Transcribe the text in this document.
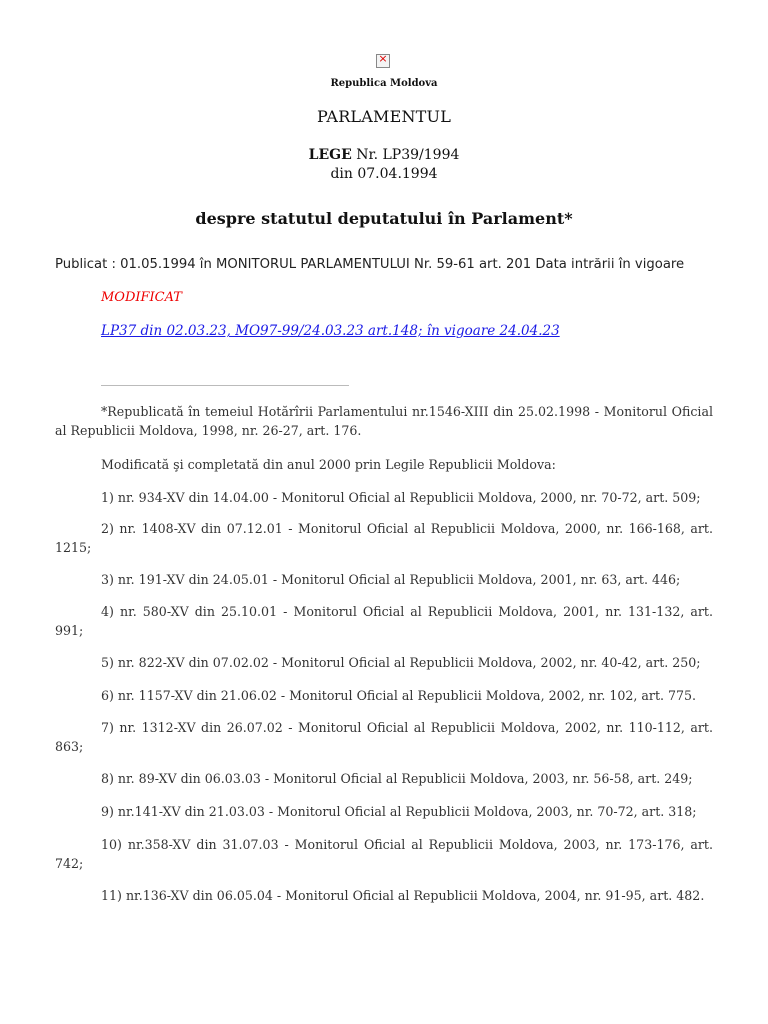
×
Republica Moldova
PARLAMENTUL
LEGE Nr. LP39/1994
din 07.04.1994
despre statutul deputatului în Parlament*
Publicat : 01.05.1994 în MONITORUL PARLAMENTULUI Nr. 59-61 art. 201 Data intrării în vigoare
MODIFICAT
LP37 din 02.03.23, MO97-99/24.03.23 art.148; în vigoare 24.04.23
*Republicată în temeiul Hotărîrii Parlamentului nr.1546-XIII din 25.02.1998 - Monitorul Oficial al Republicii Moldova, 1998, nr. 26-27, art. 176.
Modificată şi completată din anul 2000 prin Legile Republicii Moldova:
1) nr. 934-XV din 14.04.00 - Monitorul Oficial al Republicii Moldova, 2000, nr. 70-72, art. 509;
2) nr. 1408-XV din 07.12.01 - Monitorul Oficial al Republicii Moldova, 2000, nr. 166-168, art. 1215;
3) nr. 191-XV din 24.05.01 - Monitorul Oficial al Republicii Moldova, 2001, nr. 63, art. 446;
4) nr. 580-XV din 25.10.01 - Monitorul Oficial al Republicii Moldova, 2001, nr. 131-132, art. 991;
5) nr. 822-XV din 07.02.02 - Monitorul Oficial al Republicii Moldova, 2002, nr. 40-42, art. 250;
6) nr. 1157-XV din 21.06.02 - Monitorul Oficial al Republicii Moldova, 2002, nr. 102, art. 775.
7) nr. 1312-XV din 26.07.02 - Monitorul Oficial al Republicii Moldova, 2002, nr. 110-112, art. 863;
8) nr. 89-XV din 06.03.03 - Monitorul Oficial al Republicii Moldova, 2003, nr. 56-58, art. 249;
9) nr.141-XV din 21.03.03 - Monitorul Oficial al Republicii Moldova, 2003, nr. 70-72, art. 318;
10) nr.358-XV din 31.07.03 - Monitorul Oficial al Republicii Moldova, 2003, nr. 173-176, art. 742;
11) nr.136-XV din 06.05.04 - Monitorul Oficial al Republicii Moldova, 2004, nr. 91-95, art. 482.
